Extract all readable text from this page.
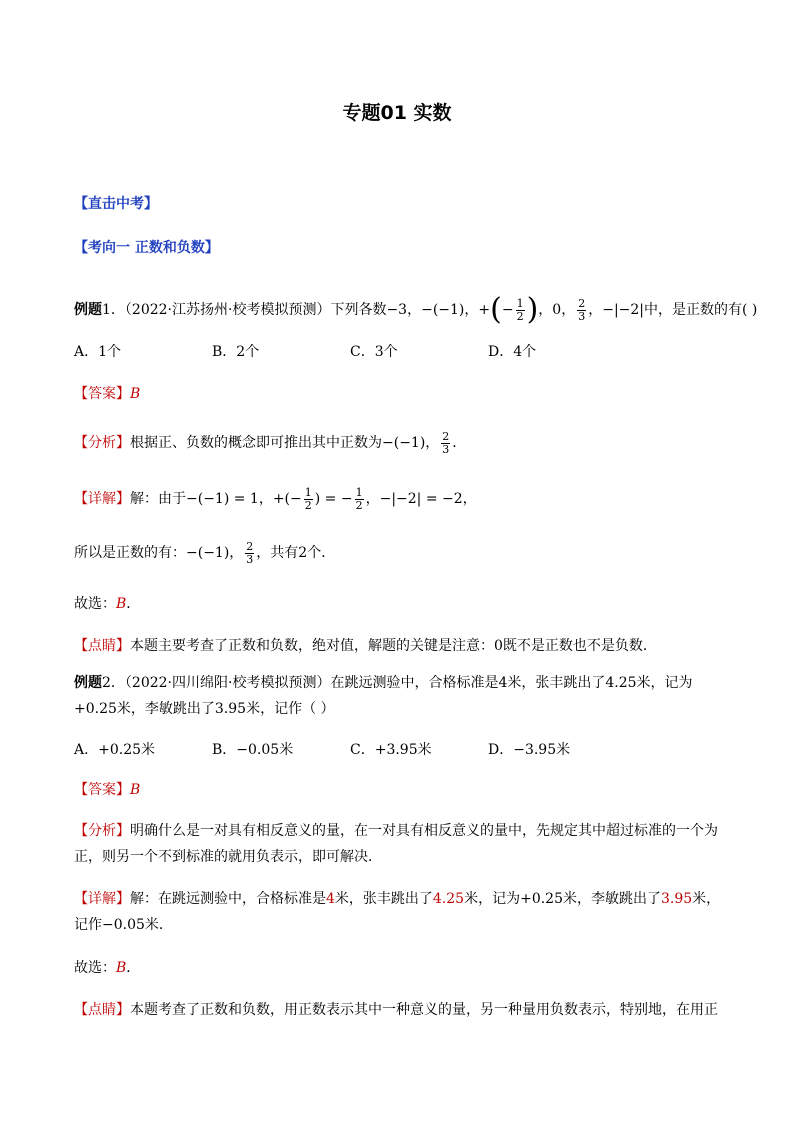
专题01 实数
【直击中考】
【考向一 正数和负数】
例题1．（2022·江苏扬州·校考模拟预测）下列各数−3，−(−1)，+(− $\frac{1}{2}$ )，0， $\frac{2}{3}$ ，−|−2|中，是正数的有( )
A．1个	B．2个	C．3个	D．4个
【答案】B
【分析】根据正、负数的概念即可推出其中正数为−(−1)， $\frac{2}{3}$ ．
【详解】解：由于−(−1) = 1，+(− $\frac{1}{2}$ ) = − $\frac{1}{2}$ ，−|−2| = −2，
所以是正数的有：−(−1)， $\frac{2}{3}$ ，共有2个．
故选：B．
【点睛】本题主要考查了正数和负数，绝对值，解题的关键是注意：0既不是正数也不是负数．
例题2．（2022·四川绵阳·校考模拟预测）在跳远测验中，合格标准是4米，张丰跳出了4.25米，记为+0.25米，李敏跳出了3.95米，记作（ ）
A．+0.25米	B．−0.05米	C．+3.95米	D．−3.95米
【答案】B
【分析】明确什么是一对具有相反意义的量，在一对具有相反意义的量中，先规定其中超过标准的一个为正，则另一个不到标准的就用负表示，即可解决．
【详解】解：在跳远测验中，合格标准是4米，张丰跳出了4.25米，记为+0.25米，李敏跳出了3.95米，记作−0.05米．
故选：B．
【点睛】本题考查了正数和负数，用正数表示其中一种意义的量，另一种量用负数表示，特别地，在用正
